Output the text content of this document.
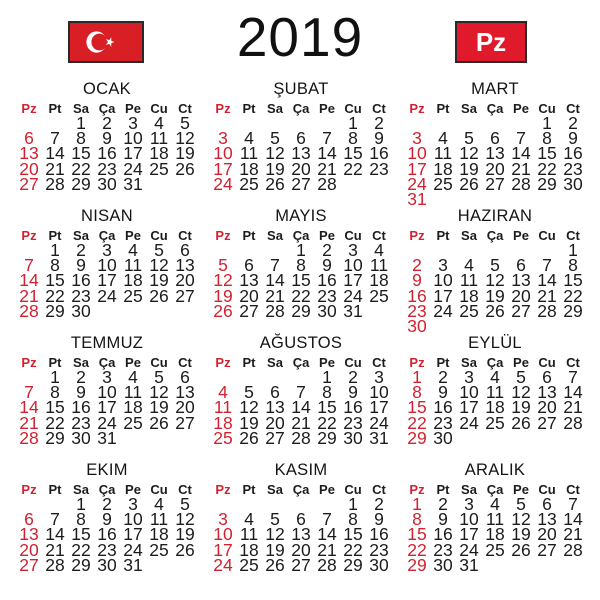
2019	Pz
OCAK
Pz Pt Sa Ça Pe Cu Ct
1 2 3 4 5
6 7 8 9 10 11 12
13 14 15 16 17 18 19
20 21 22 23 24 25 26
27 28 29 30 31
ŞUBAT
Pz Pt Sa Ça Pe Cu Ct
1 2
3 4 5 6 7 8 9
10 11 12 13 14 15 16
17 18 19 20 21 22 23
24 25 26 27 28
MART
Pz Pt Sa Ça Pe Cu Ct
1 2
3 4 5 6 7 8 9
10 11 12 13 14 15 16
17 18 19 20 21 22 23
24 25 26 27 28 29 30
31
NISAN
Pz Pt Sa Ça Pe Cu Ct
1 2 3 4 5 6
7 8 9 10 11 12 13
14 15 16 17 18 19 20
21 22 23 24 25 26 27
28 29 30
MAYIS
Pz Pt Sa Ça Pe Cu Ct
1 2 3 4
5 6 7 8 9 10 11
12 13 14 15 16 17 18
19 20 21 22 23 24 25
26 27 28 29 30 31
HAZIRAN
Pz Pt Sa Ça Pe Cu Ct
1
2 3 4 5 6 7 8
9 10 11 12 13 14 15
16 17 18 19 20 21 22
23 24 25 26 27 28 29
30
TEMMUZ
Pz Pt Sa Ça Pe Cu Ct
1 2 3 4 5 6
7 8 9 10 11 12 13
14 15 16 17 18 19 20
21 22 23 24 25 26 27
28 29 30 31
AĞUSTOS
Pz Pt Sa Ça Pe Cu Ct
1 2 3
4 5 6 7 8 9 10
11 12 13 14 15 16 17
18 19 20 21 22 23 24
25 26 27 28 29 30 31
EYLÜL
Pz Pt Sa Ça Pe Cu Ct
1 2 3 4 5 6 7
8 9 10 11 12 13 14
15 16 17 18 19 20 21
22 23 24 25 26 27 28
29 30
EKIM
Pz Pt Sa Ça Pe Cu Ct
1 2 3 4 5
6 7 8 9 10 11 12
13 14 15 16 17 18 19
20 21 22 23 24 25 26
27 28 29 30 31
KASIM
Pz Pt Sa Ça Pe Cu Ct
1 2
3 4 5 6 7 8 9
10 11 12 13 14 15 16
17 18 19 20 21 22 23
24 25 26 27 28 29 30
ARALIK
Pz Pt Sa Ça Pe Cu Ct
1 2 3 4 5 6 7
8 9 10 11 12 13 14
15 16 17 18 19 20 21
22 23 24 25 26 27 28
29 30 31
